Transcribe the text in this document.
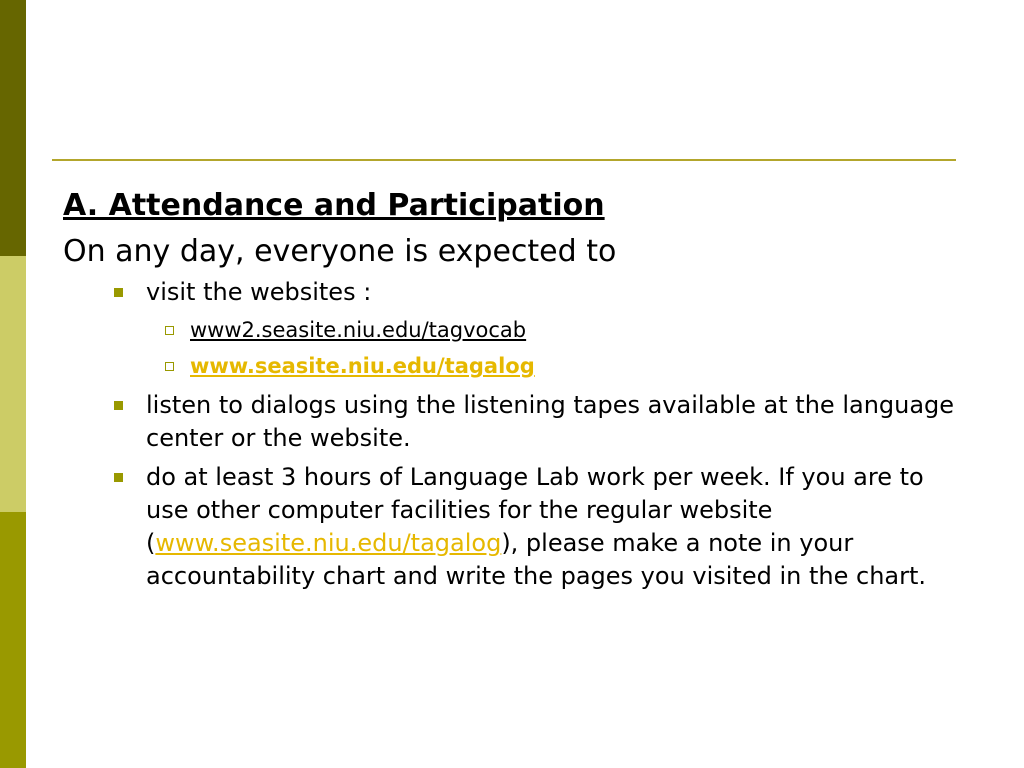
A. Attendance and Participation

On any day, everyone is expected to

visit the websites :
www2.seasite.niu.edu/tagvocab
www.seasite.niu.edu/tagalog
listen to dialogs using the listening tapes available at the language center or the website.
do at least 3 hours of Language Lab work per week. If you are to use other computer facilities for the regular website (www.seasite.niu.edu/tagalog), please make a note in your accountability chart and write the pages you visited in the chart.
